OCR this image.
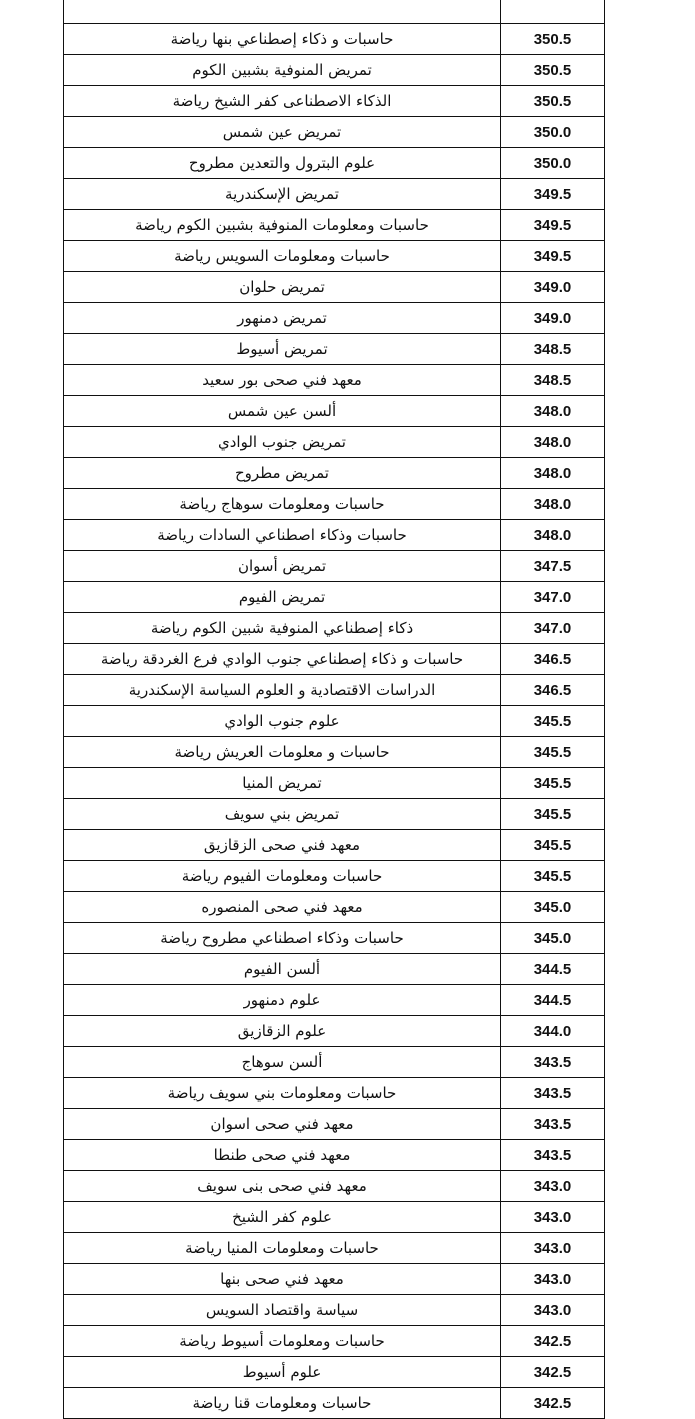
حاسبات و ذكاء إصطناعي بنها رياضة	350.5
تمريض المنوفية بشبين الكوم	350.5
الذكاء الاصطناعى كفر الشيخ رياضة	350.5
تمريض عين شمس	350.0
علوم البترول والتعدين مطروح	350.0
تمريض الإسكندرية	349.5
حاسبات ومعلومات المنوفية بشبين الكوم رياضة	349.5
حاسبات ومعلومات السويس رياضة	349.5
تمريض حلوان	349.0
تمريض دمنهور	349.0
تمريض أسيوط	348.5
معهد فني صحى بور سعيد	348.5
ألسن عين شمس	348.0
تمريض جنوب الوادي	348.0
تمريض مطروح	348.0
حاسبات ومعلومات سوهاج رياضة	348.0
حاسبات وذكاء اصطناعي السادات رياضة	348.0
تمريض أسوان	347.5
تمريض الفيوم	347.0
ذكاء إصطناعي المنوفية شبين الكوم رياضة	347.0
حاسبات و ذكاء إصطناعي جنوب الوادي فرع الغردقة رياضة	346.5
الدراسات الاقتصادية و العلوم السياسة الإسكندرية	346.5
علوم جنوب الوادي	345.5
حاسبات و معلومات العريش رياضة	345.5
تمريض المنيا	345.5
تمريض بني سويف	345.5
معهد فني صحى الزقازيق	345.5
حاسبات ومعلومات الفيوم رياضة	345.5
معهد فني صحى المنصوره	345.0
حاسبات وذكاء اصطناعي مطروح رياضة	345.0
ألسن الفيوم	344.5
علوم دمنهور	344.5
علوم الزقازيق	344.0
ألسن سوهاج	343.5
حاسبات ومعلومات بني سويف رياضة	343.5
معهد فني صحى اسوان	343.5
معهد فني صحى طنطا	343.5
معهد فني صحى بنى سويف	343.0
علوم كفر الشيخ	343.0
حاسبات ومعلومات المنيا رياضة	343.0
معهد فني صحى بنها	343.0
سياسة واقتصاد السويس	343.0
حاسبات ومعلومات أسيوط رياضة	342.5
علوم أسيوط	342.5
حاسبات ومعلومات قنا رياضة	342.5
